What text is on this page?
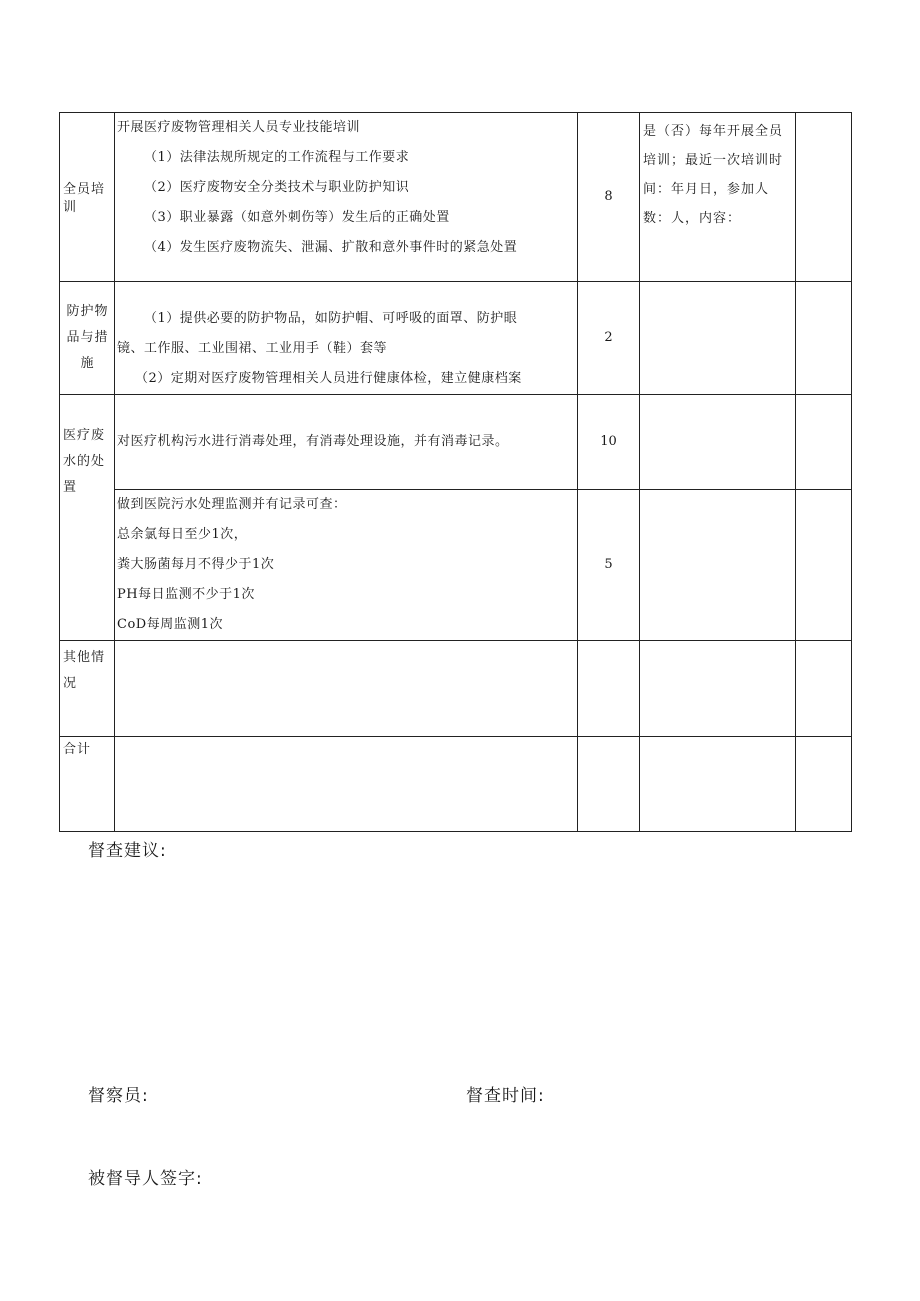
全员培训	开展医疗废物管理相关人员专业技能培训
（1）法律法规所规定的工作流程与工作要求
（2）医疗废物安全分类技术与职业防护知识
（3）职业暴露（如意外刺伤等）发生后的正确处置
（4）发生医疗废物流失、泄漏、扩散和意外事件时的紧急处置	8	是（否）每年开展全员培训；最近一次培训时间：年月日，参加人数：人，内容：	
防护物品与措施	（1）提供必要的防护物品，如防护帽、可呼吸的面罩、防护眼
镜、工作服、工业围裙、工业用手（鞋）套等
（2）定期对医疗废物管理相关人员进行健康体检，建立健康档案	2		
医疗废水的处置	对医疗机构污水进行消毒处理，有消毒处理设施，并有消毒记录。	10		

	做到医院污水处理监测并有记录可查：
总余氯每日至少1次，
粪大肠菌每月不得少于1次
PH每日监测不少于1次
CoD每周监测1次	5		
其他情况				
合计				
督查建议:
督察员:	督查时间:
被督导人签字:
